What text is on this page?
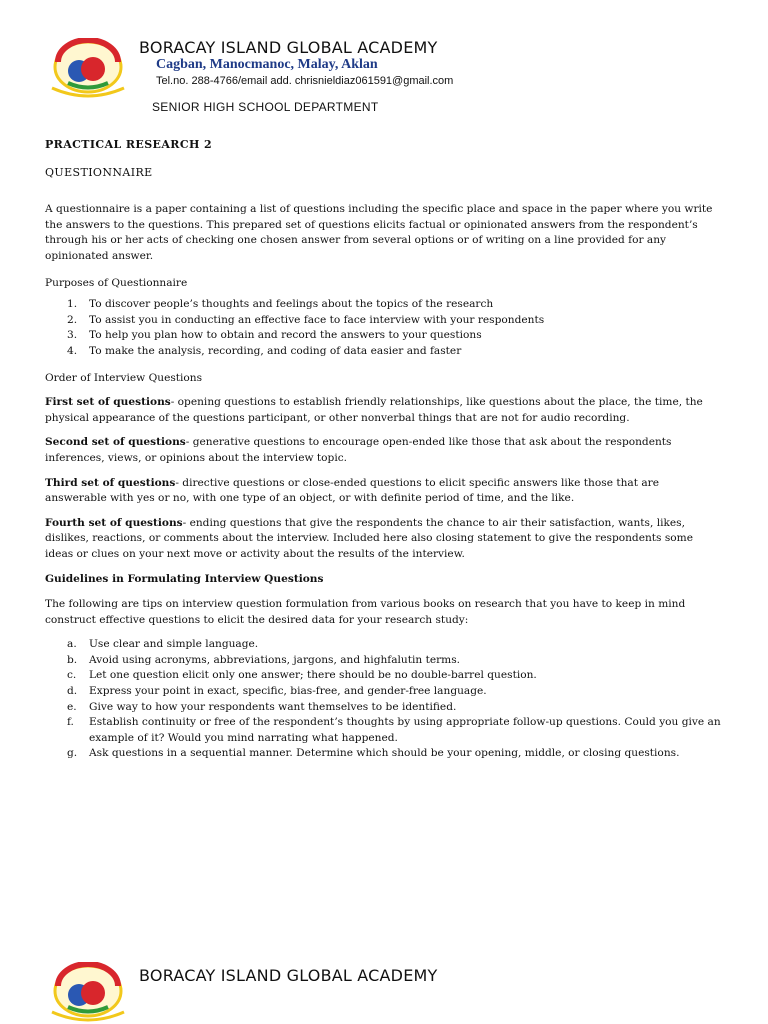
BORACAY ISLAND GLOBAL ACADEMY
Cagban, Manocmanoc, Malay, Aklan
Tel.no. 288-4766/email add. chrisnieldiaz061591@gmail.com
SENIOR HIGH SCHOOL DEPARTMENT

PRACTICAL RESEARCH 2

QUESTIONNAIRE

A questionnaire is a paper containing a list of questions including the specific place and space in the paper where you write the answers to the questions. This prepared set of questions elicits factual or opinionated answers from the respondent’s through his or her acts of checking one chosen answer from several options or of writing on a line provided for any opinionated answer.

Purposes of Questionnaire

1. To discover people’s thoughts and feelings about the topics of the research
2. To assist you in conducting an effective face to face interview with your respondents
3. To help you plan how to obtain and record the answers to your questions
4. To make the analysis, recording, and coding of data easier and faster

Order of Interview Questions

First set of questions- opening questions to establish friendly relationships, like questions about the place, the time, the physical appearance of the questions participant, or other nonverbal things that are not for audio recording.

Second set of questions- generative questions to encourage open-ended like those that ask about the respondents inferences, views, or opinions about the interview topic.

Third set of questions- directive questions or close-ended questions to elicit specific answers like those that are answerable with yes or no, with one type of an object, or with definite period of time, and the like.

Fourth set of questions- ending questions that give the respondents the chance to air their satisfaction, wants, likes, dislikes, reactions, or comments about the interview. Included here also closing statement to give the respondents some ideas or clues on your next move or activity about the results of the interview.

Guidelines in Formulating Interview Questions

The following are tips on interview question formulation from various books on research that you have to keep in mind construct effective questions to elicit the desired data for your research study:

a. Use clear and simple language.
b. Avoid using acronyms, abbreviations, jargons, and highfalutin terms.
c. Let one question elicit only one answer; there should be no double-barrel question.
d. Express your point in exact, specific, bias-free, and gender-free language.
e. Give way to how your respondents want themselves to be identified.
f. Establish continuity or free of the respondent’s thoughts by using appropriate follow-up questions. Could you give an example of it? Would you mind narrating what happened.
g. Ask questions in a sequential manner. Determine which should be your opening, middle, or closing questions.
BORACAY ISLAND GLOBAL ACADEMY
